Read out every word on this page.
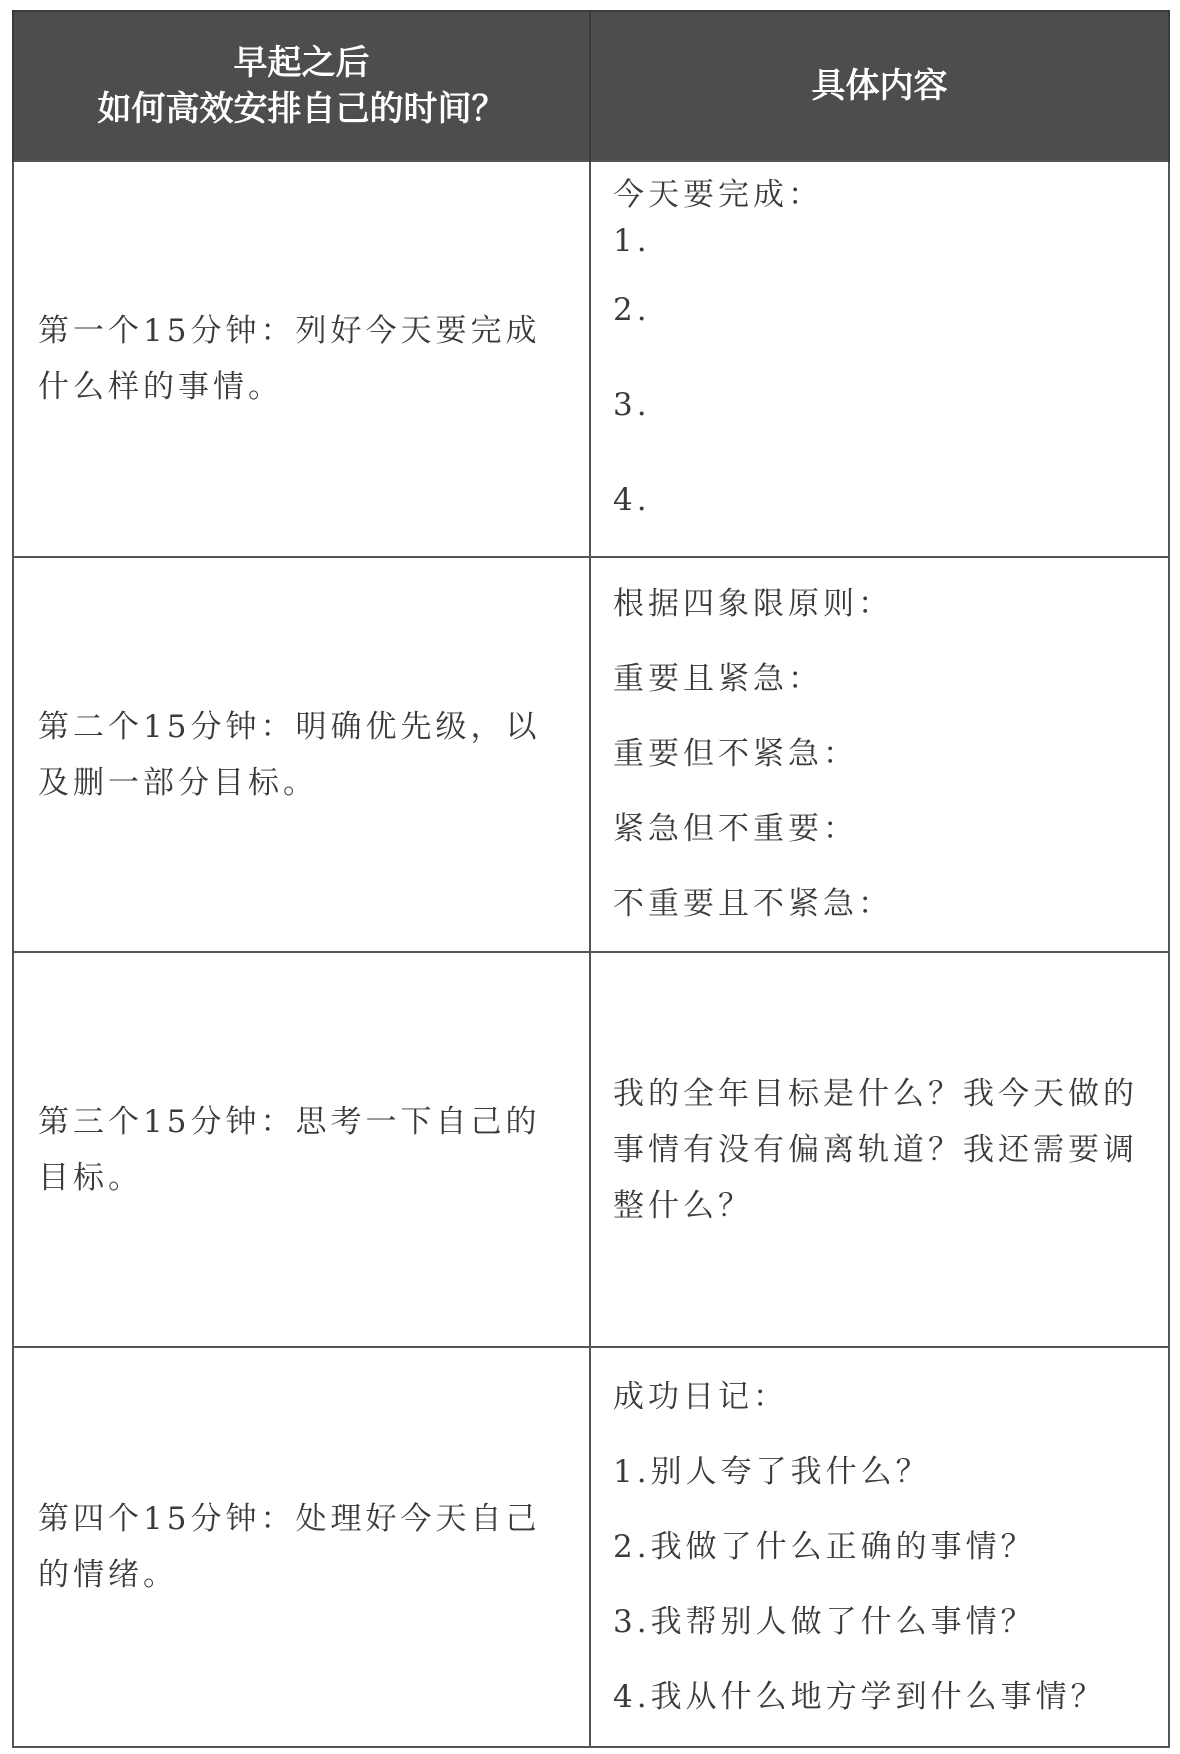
早起之后
如何高效安排自己的时间？	具体内容
第一个15分钟：列好今天要完成什么样的事情。	今天要完成：
1.
2.
3.
4.

第二个15分钟：明确优先级，以及删一部分目标。	根据四象限原则：
重要且紧急：
重要但不紧急：
紧急但不重要：
不重要且不紧急：

第三个15分钟：思考一下自己的目标。	我的全年目标是什么？我今天做的事情有没有偏离轨道？我还需要调整什么？

第四个15分钟：处理好今天自己的情绪。	成功日记：
1.别人夸了我什么？
2.我做了什么正确的事情？
3.我帮别人做了什么事情？
4.我从什么地方学到什么事情？
